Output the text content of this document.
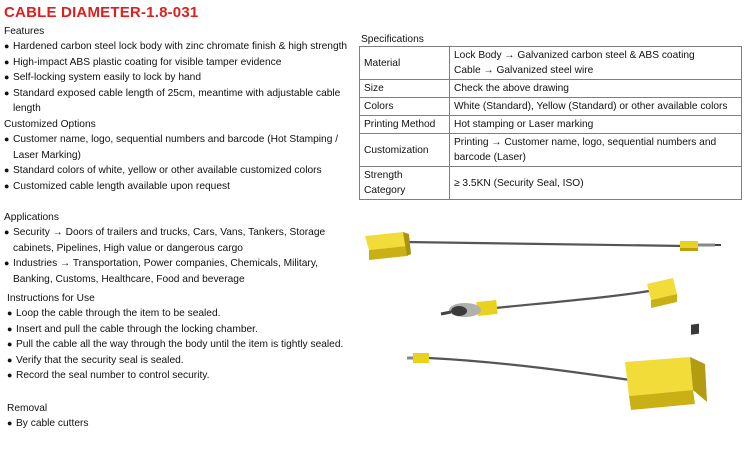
CABLE DIAMETER-1.8-031
Features
● Hardened carbon steel lock body with zinc chromate finish & high strength
● High-impact ABS plastic coating for visible tamper evidence
● Self-locking system easily to lock by hand
● Standard exposed cable length of 25cm, meantime with adjustable cable length
Customized Options
● Customer name, logo, sequential numbers and barcode (Hot Stamping / Laser Marking)
● Standard colors of white, yellow or other available customized colors
● Customized cable length available upon request
Applications
● Security → Doors of trailers and trucks, Cars, Vans, Tankers, Storage cabinets, Pipelines, High value or dangerous cargo
● Industries → Transportation, Power companies, Chemicals, Military, Banking, Customs, Healthcare, Food and beverage
Instructions for Use
● Loop the cable through the item to be sealed.
● Insert and pull the cable through the locking chamber.
● Pull the cable all the way through the body until the item is tightly sealed.
● Verify that the security seal is sealed.
● Record the seal number to control security.
Removal
● By cable cutters
Specifications
Material	Lock Body → Galvanized carbon steel & ABS coating
Cable → Galvanized steel wire

Size	Check the above drawing
Colors	White (Standard), Yellow (Standard) or other available colors
Printing Method	Hot stamping or Laser marking
Customization	Printing → Customer name, logo, sequential numbers and barcode (Laser)
Strength Category	≥ 3.5KN (Security Seal, ISO)
